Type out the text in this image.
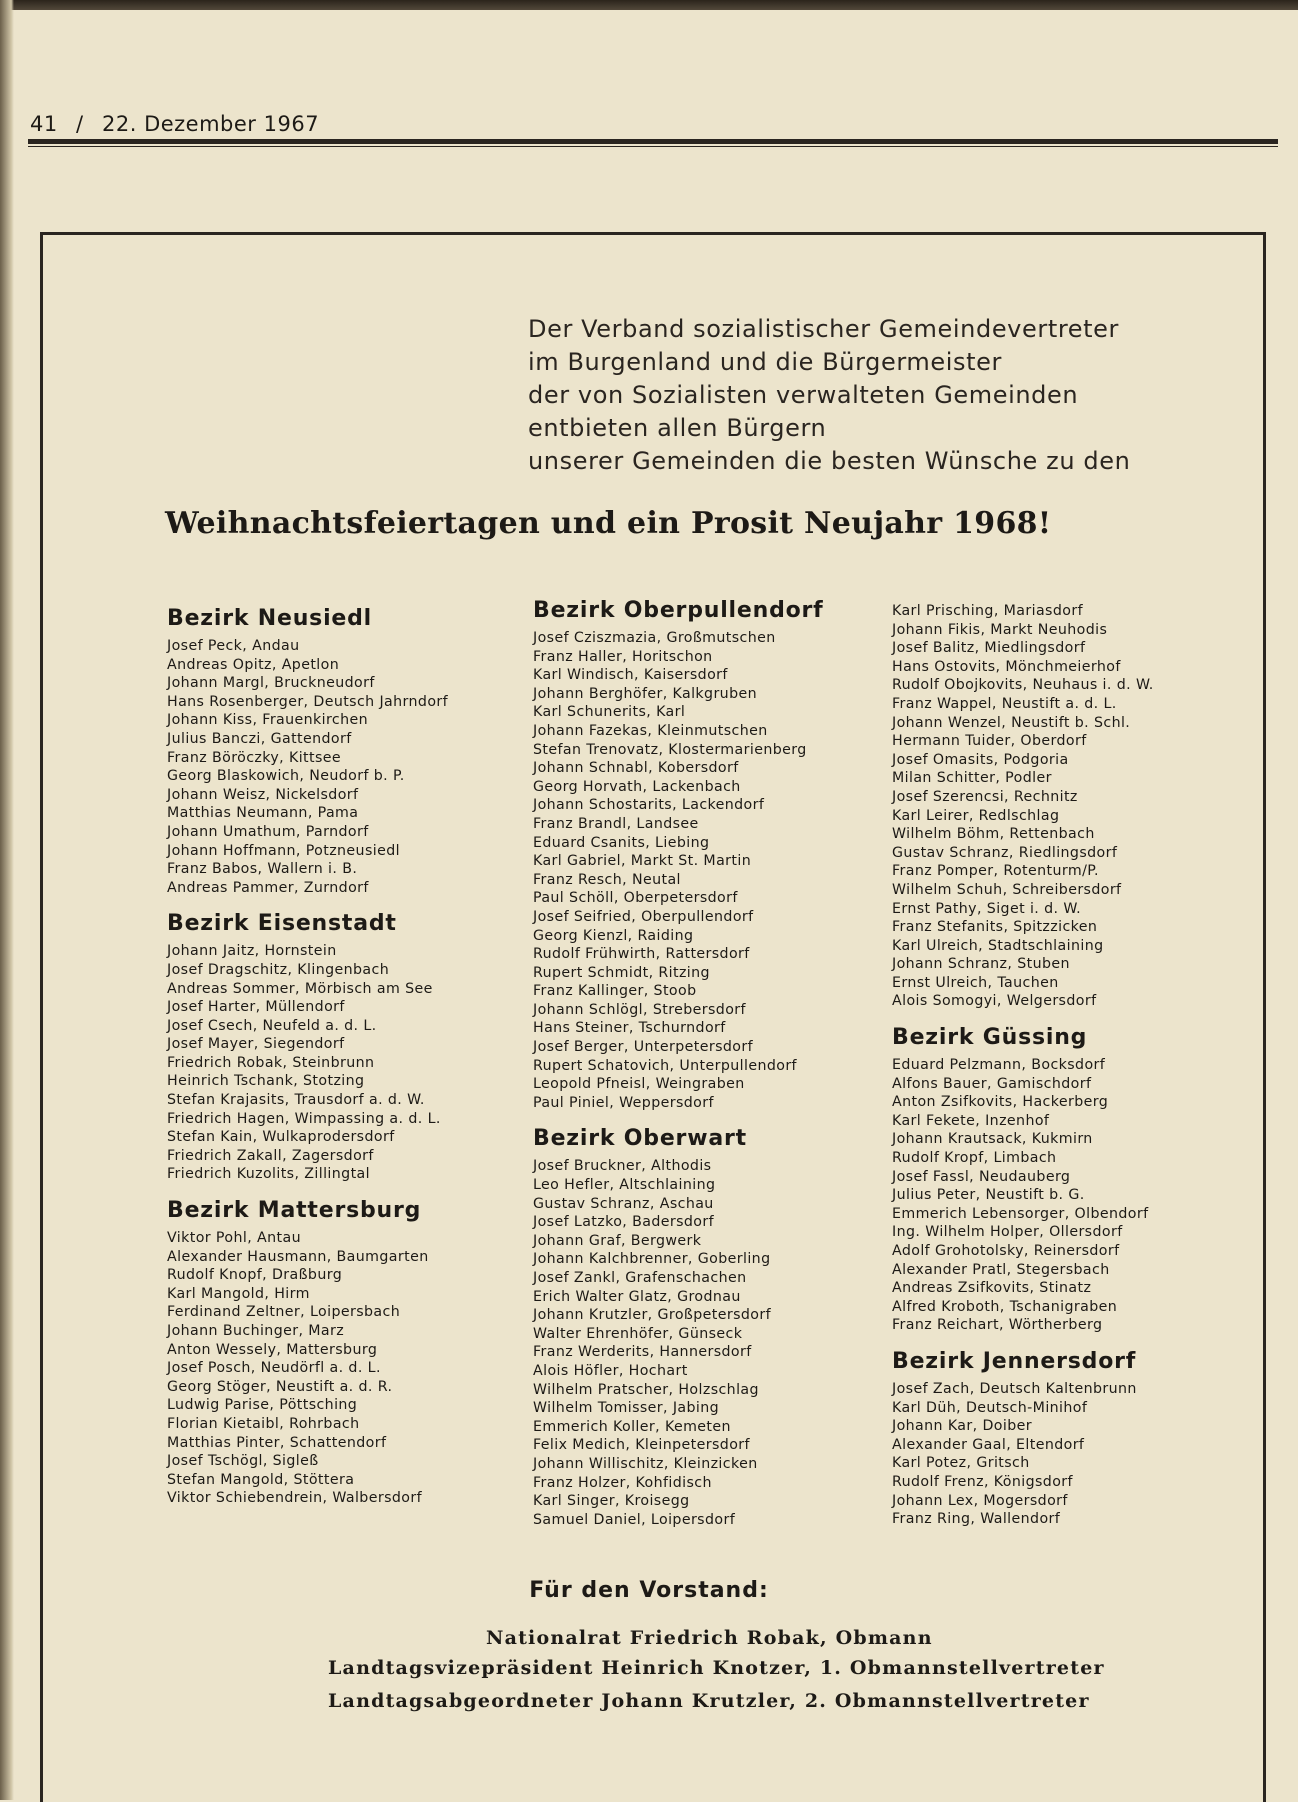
41 / 22. Dezember 1967
Der Verband sozialistischer Gemeindevertreter
im Burgenland und die Bürgermeister
der von Sozialisten verwalteten Gemeinden
entbieten allen Bürgern
unserer Gemeinden die besten Wünsche zu den
Weihnachtsfeiertagen und ein Prosit Neujahr 1968!
Bezirk Neusiedl
Josef Peck, Andau
Andreas Opitz, Apetlon
Johann Margl, Bruckneudorf
Hans Rosenberger, Deutsch Jahrndorf
Johann Kiss, Frauenkirchen
Julius Banczi, Gattendorf
Franz Böröczky, Kittsee
Georg Blaskowich, Neudorf b. P.
Johann Weisz, Nickelsdorf
Matthias Neumann, Pama
Johann Umathum, Parndorf
Johann Hoffmann, Potzneusiedl
Franz Babos, Wallern i. B.
Andreas Pammer, Zurndorf
Bezirk Eisenstadt
Johann Jaitz, Hornstein
Josef Dragschitz, Klingenbach
Andreas Sommer, Mörbisch am See
Josef Harter, Müllendorf
Josef Csech, Neufeld a. d. L.
Josef Mayer, Siegendorf
Friedrich Robak, Steinbrunn
Heinrich Tschank, Stotzing
Stefan Krajasits, Trausdorf a. d. W.
Friedrich Hagen, Wimpassing a. d. L.
Stefan Kain, Wulkaprodersdorf
Friedrich Zakall, Zagersdorf
Friedrich Kuzolits, Zillingtal
Bezirk Mattersburg
Viktor Pohl, Antau
Alexander Hausmann, Baumgarten
Rudolf Knopf, Draßburg
Karl Mangold, Hirm
Ferdinand Zeltner, Loipersbach
Johann Buchinger, Marz
Anton Wessely, Mattersburg
Josef Posch, Neudörfl a. d. L.
Georg Stöger, Neustift a. d. R.
Ludwig Parise, Pöttsching
Florian Kietaibl, Rohrbach
Matthias Pinter, Schattendorf
Josef Tschögl, Sigleß
Stefan Mangold, Stöttera
Viktor Schiebendrein, Walbersdorf
Bezirk Oberpullendorf
Josef Cziszmazia, Großmutschen
Franz Haller, Horitschon
Karl Windisch, Kaisersdorf
Johann Berghöfer, Kalkgruben
Karl Schunerits, Karl
Johann Fazekas, Kleinmutschen
Stefan Trenovatz, Klostermarienberg
Johann Schnabl, Kobersdorf
Georg Horvath, Lackenbach
Johann Schostarits, Lackendorf
Franz Brandl, Landsee
Eduard Csanits, Liebing
Karl Gabriel, Markt St. Martin
Franz Resch, Neutal
Paul Schöll, Oberpetersdorf
Josef Seifried, Oberpullendorf
Georg Kienzl, Raiding
Rudolf Frühwirth, Rattersdorf
Rupert Schmidt, Ritzing
Franz Kallinger, Stoob
Johann Schlögl, Strebersdorf
Hans Steiner, Tschurndorf
Josef Berger, Unterpetersdorf
Rupert Schatovich, Unterpullendorf
Leopold Pfneisl, Weingraben
Paul Piniel, Weppersdorf
Bezirk Oberwart
Josef Bruckner, Althodis
Leo Hefler, Altschlaining
Gustav Schranz, Aschau
Josef Latzko, Badersdorf
Johann Graf, Bergwerk
Johann Kalchbrenner, Goberling
Josef Zankl, Grafenschachen
Erich Walter Glatz, Grodnau
Johann Krutzler, Großpetersdorf
Walter Ehrenhöfer, Günseck
Franz Werderits, Hannersdorf
Alois Höfler, Hochart
Wilhelm Pratscher, Holzschlag
Wilhelm Tomisser, Jabing
Emmerich Koller, Kemeten
Felix Medich, Kleinpetersdorf
Johann Willischitz, Kleinzicken
Franz Holzer, Kohfidisch
Karl Singer, Kroisegg
Samuel Daniel, Loipersdorf
Karl Prisching, Mariasdorf
Johann Fikis, Markt Neuhodis
Josef Balitz, Miedlingsdorf
Hans Ostovits, Mönchmeierhof
Rudolf Obojkovits, Neuhaus i. d. W.
Franz Wappel, Neustift a. d. L.
Johann Wenzel, Neustift b. Schl.
Hermann Tuider, Oberdorf
Josef Omasits, Podgoria
Milan Schitter, Podler
Josef Szerencsi, Rechnitz
Karl Leirer, Redlschlag
Wilhelm Böhm, Rettenbach
Gustav Schranz, Riedlingsdorf
Franz Pomper, Rotenturm/P.
Wilhelm Schuh, Schreibersdorf
Ernst Pathy, Siget i. d. W.
Franz Stefanits, Spitzzicken
Karl Ulreich, Stadtschlaining
Johann Schranz, Stuben
Ernst Ulreich, Tauchen
Alois Somogyi, Welgersdorf
Bezirk Güssing
Eduard Pelzmann, Bocksdorf
Alfons Bauer, Gamischdorf
Anton Zsifkovits, Hackerberg
Karl Fekete, Inzenhof
Johann Krautsack, Kukmirn
Rudolf Kropf, Limbach
Josef Fassl, Neudauberg
Julius Peter, Neustift b. G.
Emmerich Lebensorger, Olbendorf
Ing. Wilhelm Holper, Ollersdorf
Adolf Grohotolsky, Reinersdorf
Alexander Pratl, Stegersbach
Andreas Zsifkovits, Stinatz
Alfred Kroboth, Tschanigraben
Franz Reichart, Wörtherberg
Bezirk Jennersdorf
Josef Zach, Deutsch Kaltenbrunn
Karl Düh, Deutsch-Minihof
Johann Kar, Doiber
Alexander Gaal, Eltendorf
Karl Potez, Gritsch
Rudolf Frenz, Königsdorf
Johann Lex, Mogersdorf
Franz Ring, Wallendorf
Für den Vorstand:
Nationalrat Friedrich Robak, Obmann
Landtagsvizepräsident Heinrich Knotzer, 1. Obmannstellvertreter
Landtagsabgeordneter Johann Krutzler, 2. Obmannstellvertreter
